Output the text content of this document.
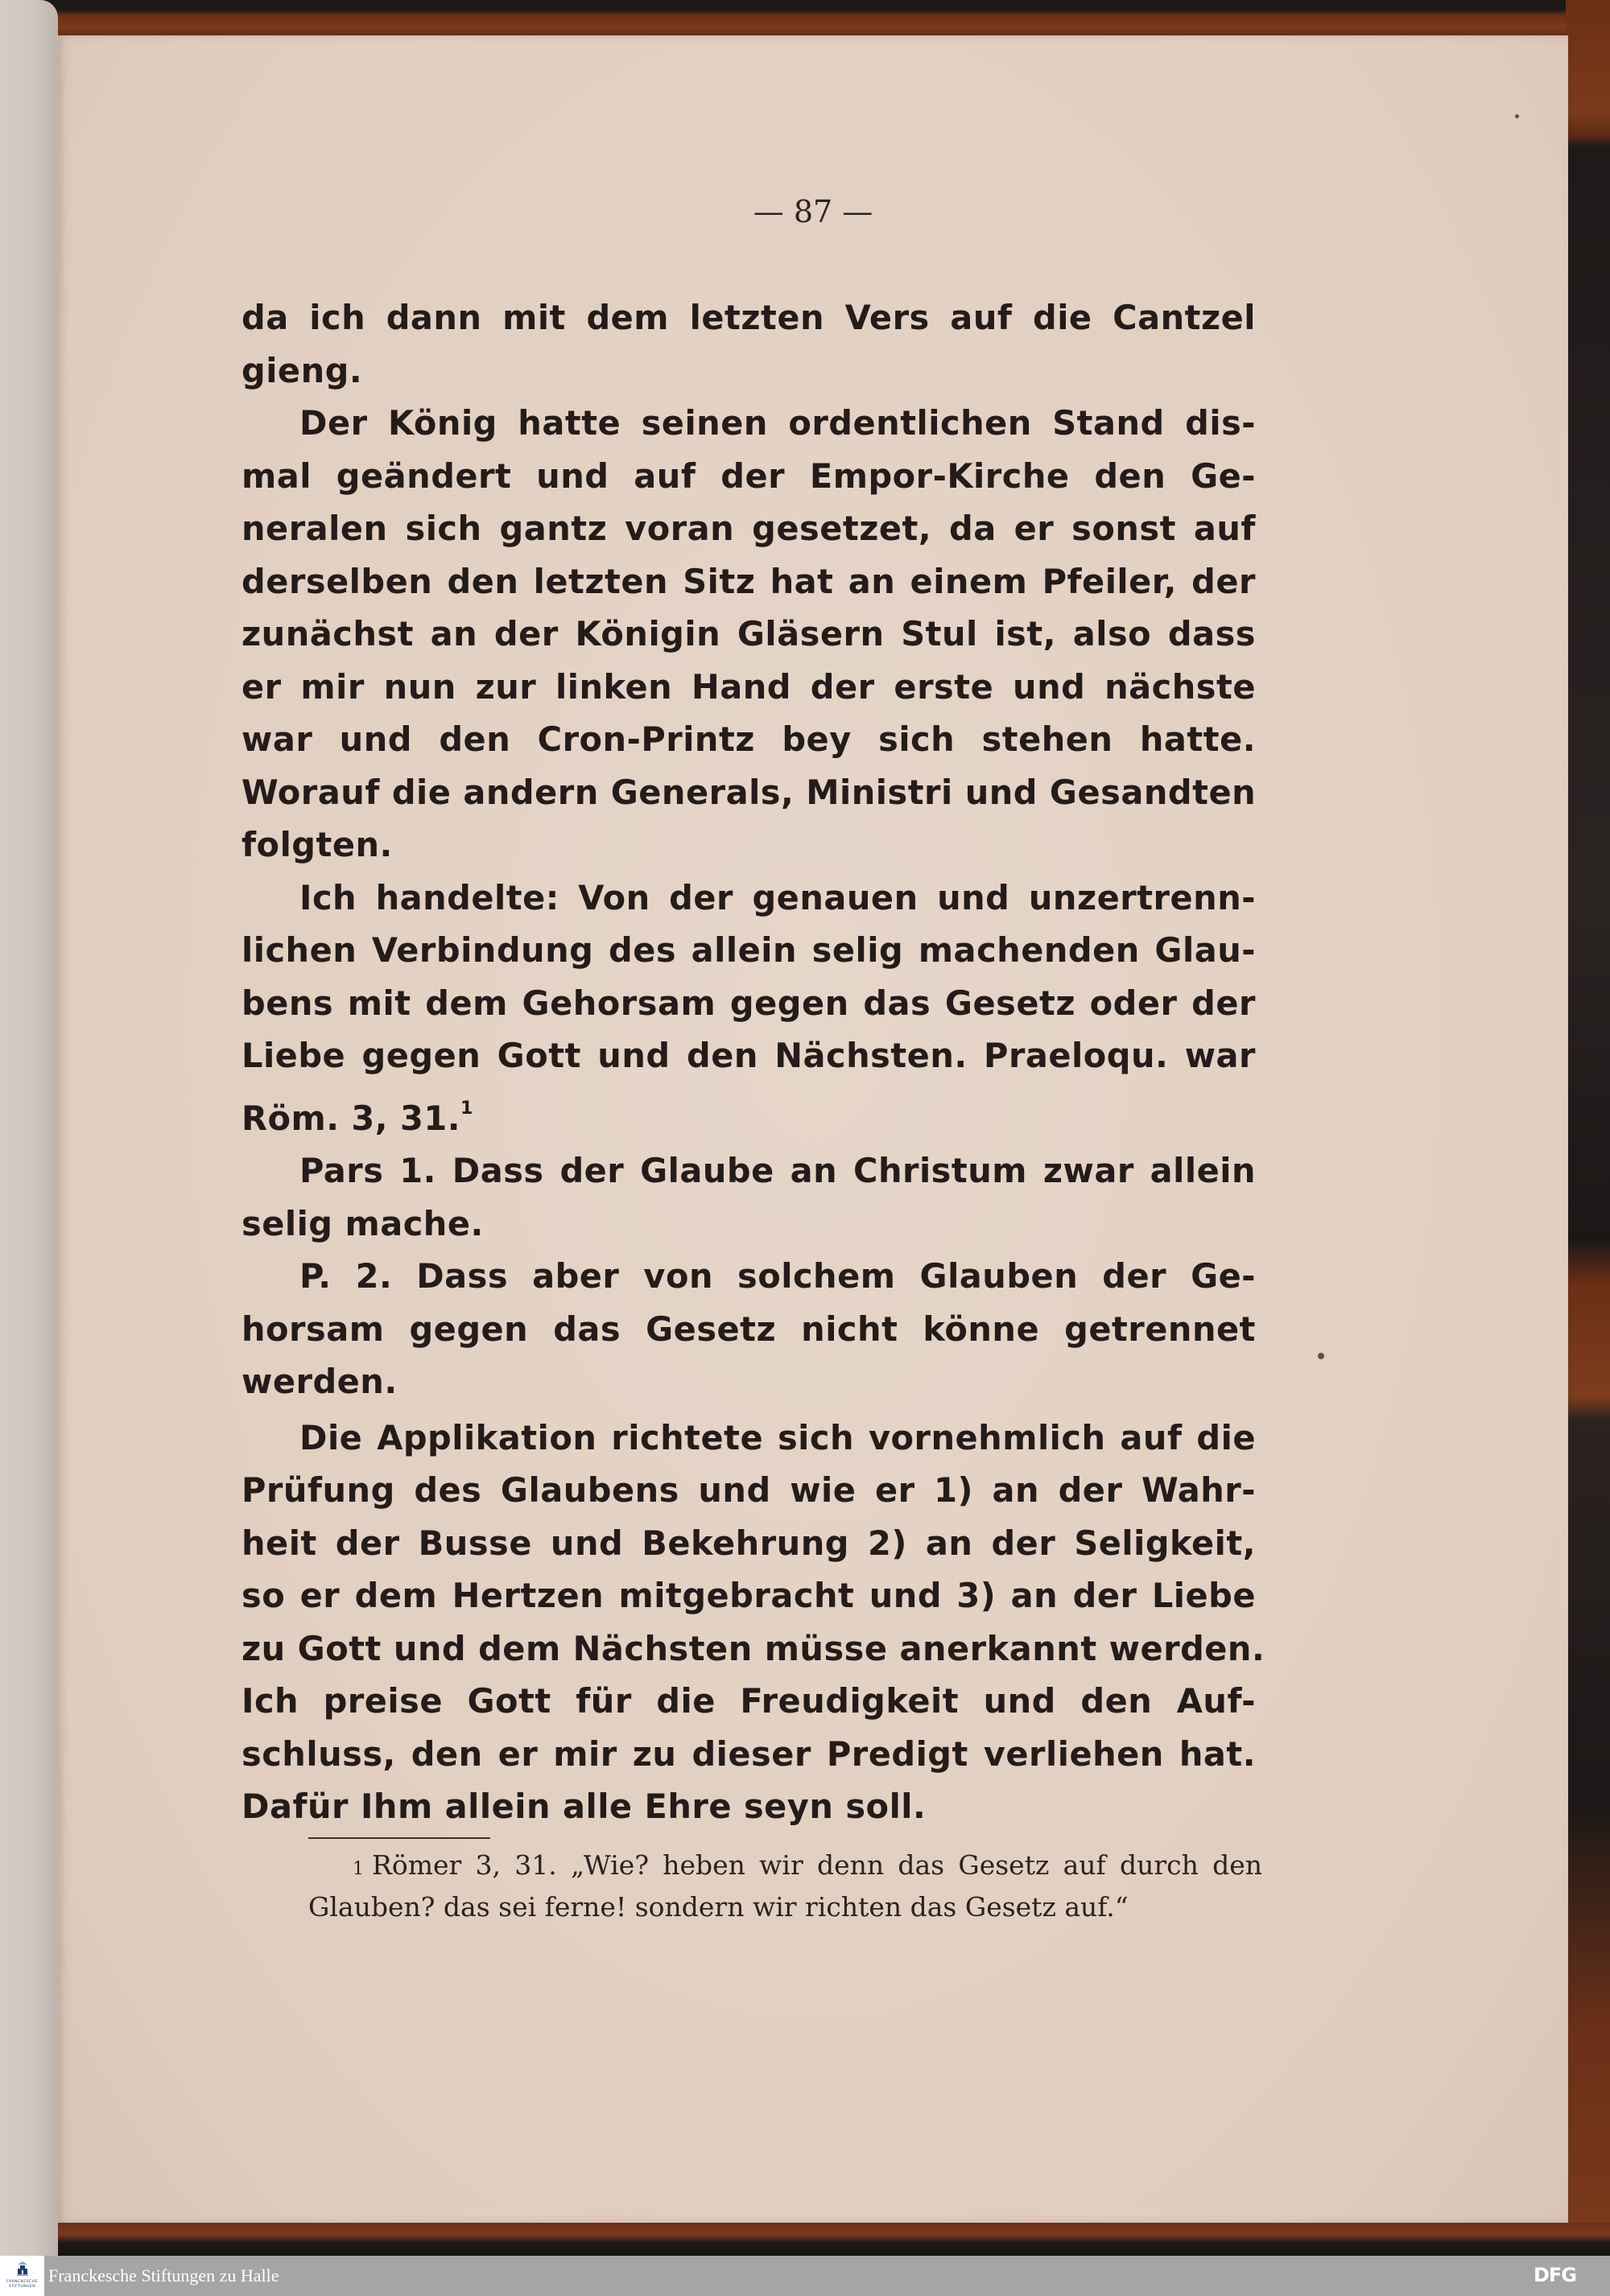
— 87 —
da ich dann mit dem letzten Vers auf die Cantzel
gieng.
Der König hatte seinen ordentlichen Stand dis-
mal geändert und auf der Empor-Kirche den Ge-
neralen sich gantz voran gesetzet, da er sonst auf
derselben den letzten Sitz hat an einem Pfeiler, der
zunächst an der Königin Gläsern Stul ist, also dass
er mir nun zur linken Hand der erste und nächste
war und den Cron-Printz bey sich stehen hatte.
Worauf die andern Generals, Ministri und Gesandten
folgten.
Ich handelte: Von der genauen und unzertrenn-
lichen Verbindung des allein selig machenden Glau-
bens mit dem Gehorsam gegen das Gesetz oder der
Liebe gegen Gott und den Nächsten. Praeloqu. war
Röm. 3, 31.$^1$
Pars 1. Dass der Glaube an Christum zwar allein
selig mache.
P. 2. Dass aber von solchem Glauben der Ge-
horsam gegen das Gesetz nicht könne getrennet
werden.
Die Applikation richtete sich vornehmlich auf die
Prüfung des Glaubens und wie er 1) an der Wahr-
heit der Busse und Bekehrung 2) an der Seligkeit,
so er dem Hertzen mitgebracht und 3) an der Liebe
zu Gott und dem Nächsten müsse anerkannt werden.
Ich preise Gott für die Freudigkeit und den Auf-
schluss, den er mir zu dieser Predigt verliehen hat.
Dafür Ihm allein alle Ehre seyn soll.
1 Römer 3, 31. „Wie? heben wir denn das Gesetz auf durch den
Glauben? das sei ferne! sondern wir richten das Gesetz auf.“
FRANCKESCHE STIFTUNGEN
Franckesche Stiftungen zu Halle	DFG
